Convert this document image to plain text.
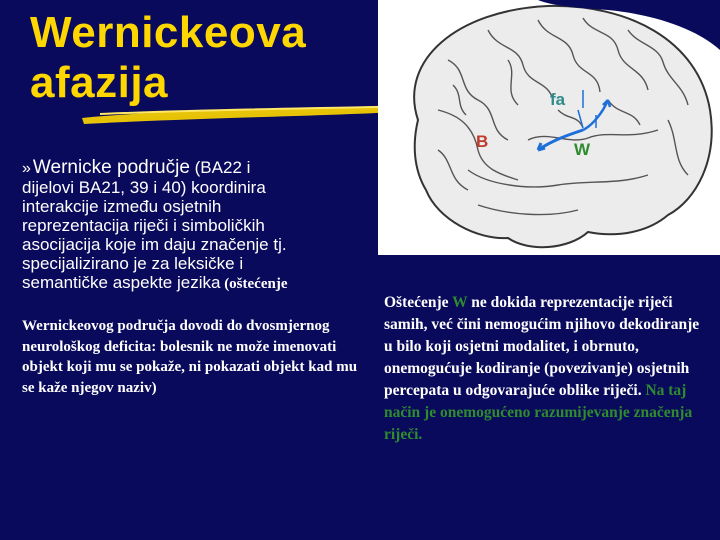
Wernickeova
afazija	fa
B	W
» Wernicke područje (BA22 i
dijelovi BA21, 39 i 40) koordinira
interakcije između osjetnih
reprezentacija riječi i simboličkih
asocijacija koje im daju značenje tj.
specijalizirano je za leksičke i
semantičke aspekte jezika (oštećenje
Wernickeovog područja dovodi do dvosmjernog neurološkog deficita: bolesnik ne može imenovati objekt koji mu se pokaže, ni pokazati objekt kad mu se kaže njegov naziv)
Oštećenje W ne dokida reprezentacije riječi samih, već čini nemogućim njihovo dekodiranje u bilo koji osjetni modalitet, i obrnuto, onemogućuje kodiranje (povezivanje) osjetnih percepata u odgovarajuće oblike riječi. Na taj način je onemogućeno razumijevanje značenja riječi.
